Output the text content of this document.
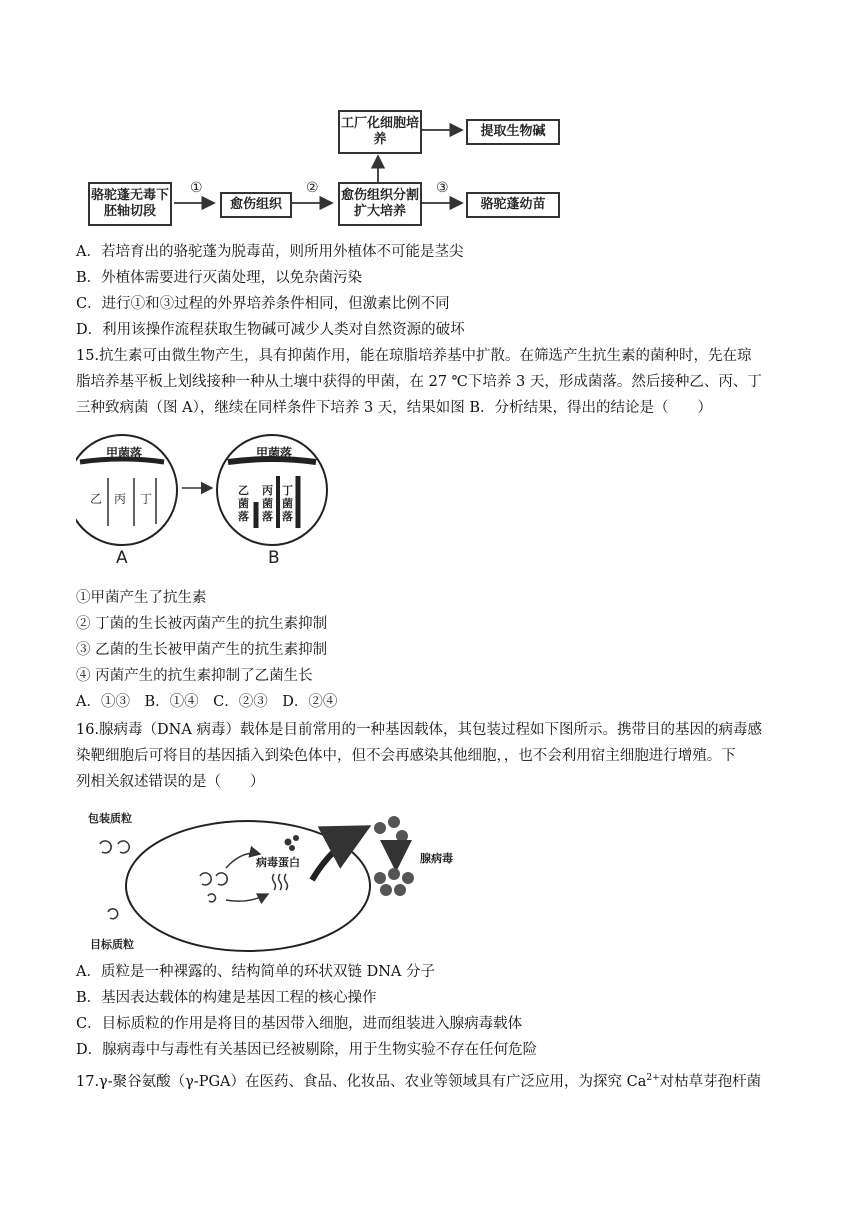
骆驼蓬无毒下胚轴切段	愈伤组织
愈伤组织分割扩大培养
工厂化细胞培养
提取生物碱
骆驼蓬幼苗
①	②	③
A．若培育出的骆驼蓬为脱毒苗，则所用外植体不可能是茎尖
B．外植体需要进行灭菌处理，以免杂菌污染
C．进行①和③过程的外界培养条件相同，但激素比例不同
D．利用该操作流程获取生物碱可减少人类对自然资源的破坏
15.抗生素可由微生物产生，具有抑菌作用，能在琼脂培养基中扩散。在筛选产生抗生素的菌种时，先在琼
脂培养基平板上划线接种一种从土壤中获得的甲菌，在 27 ℃下培养 3 天，形成菌落。然后接种乙、丙、丁
三种致病菌（图 A），继续在同样条件下培养 3 天，结果如图 B．分析结果，得出的结论是（　　）
甲菌落
乙 丙 丁
A
甲菌落
乙菌落
丙菌落
丁菌落
B
①甲菌产生了抗生素
② 丁菌的生长被丙菌产生的抗生素抑制
③ 乙菌的生长被甲菌产生的抗生素抑制
④ 丙菌产生的抗生素抑制了乙菌生长
A．①③　B．①④　C．②③　D．②④
16.腺病毒（DNA 病毒）载体是目前常用的一种基因载体，其包装过程如下图所示。携带目的基因的病毒感
染靶细胞后可将目的基因插入到染色体中，但不会再感染其他细胞，，也不会利用宿主细胞进行增殖。下
列相关叙述错误的是（　　）
包装质粒
目标质粒
病毒蛋白	腺病毒
A．质粒是一种裸露的、结构简单的环状双链 DNA 分子
B．基因表达载体的构建是基因工程的核心操作
C．目标质粒的作用是将目的基因带入细胞，进而组装进入腺病毒载体
D．腺病毒中与毒性有关基因已经被剔除，用于生物实验不存在任何危险
17.γ-聚谷氨酸（γ-PGA）在医药、食品、化妆品、农业等领域具有广泛应用，为探究 $Ca^{2+}$对枯草芽孢杆菌
